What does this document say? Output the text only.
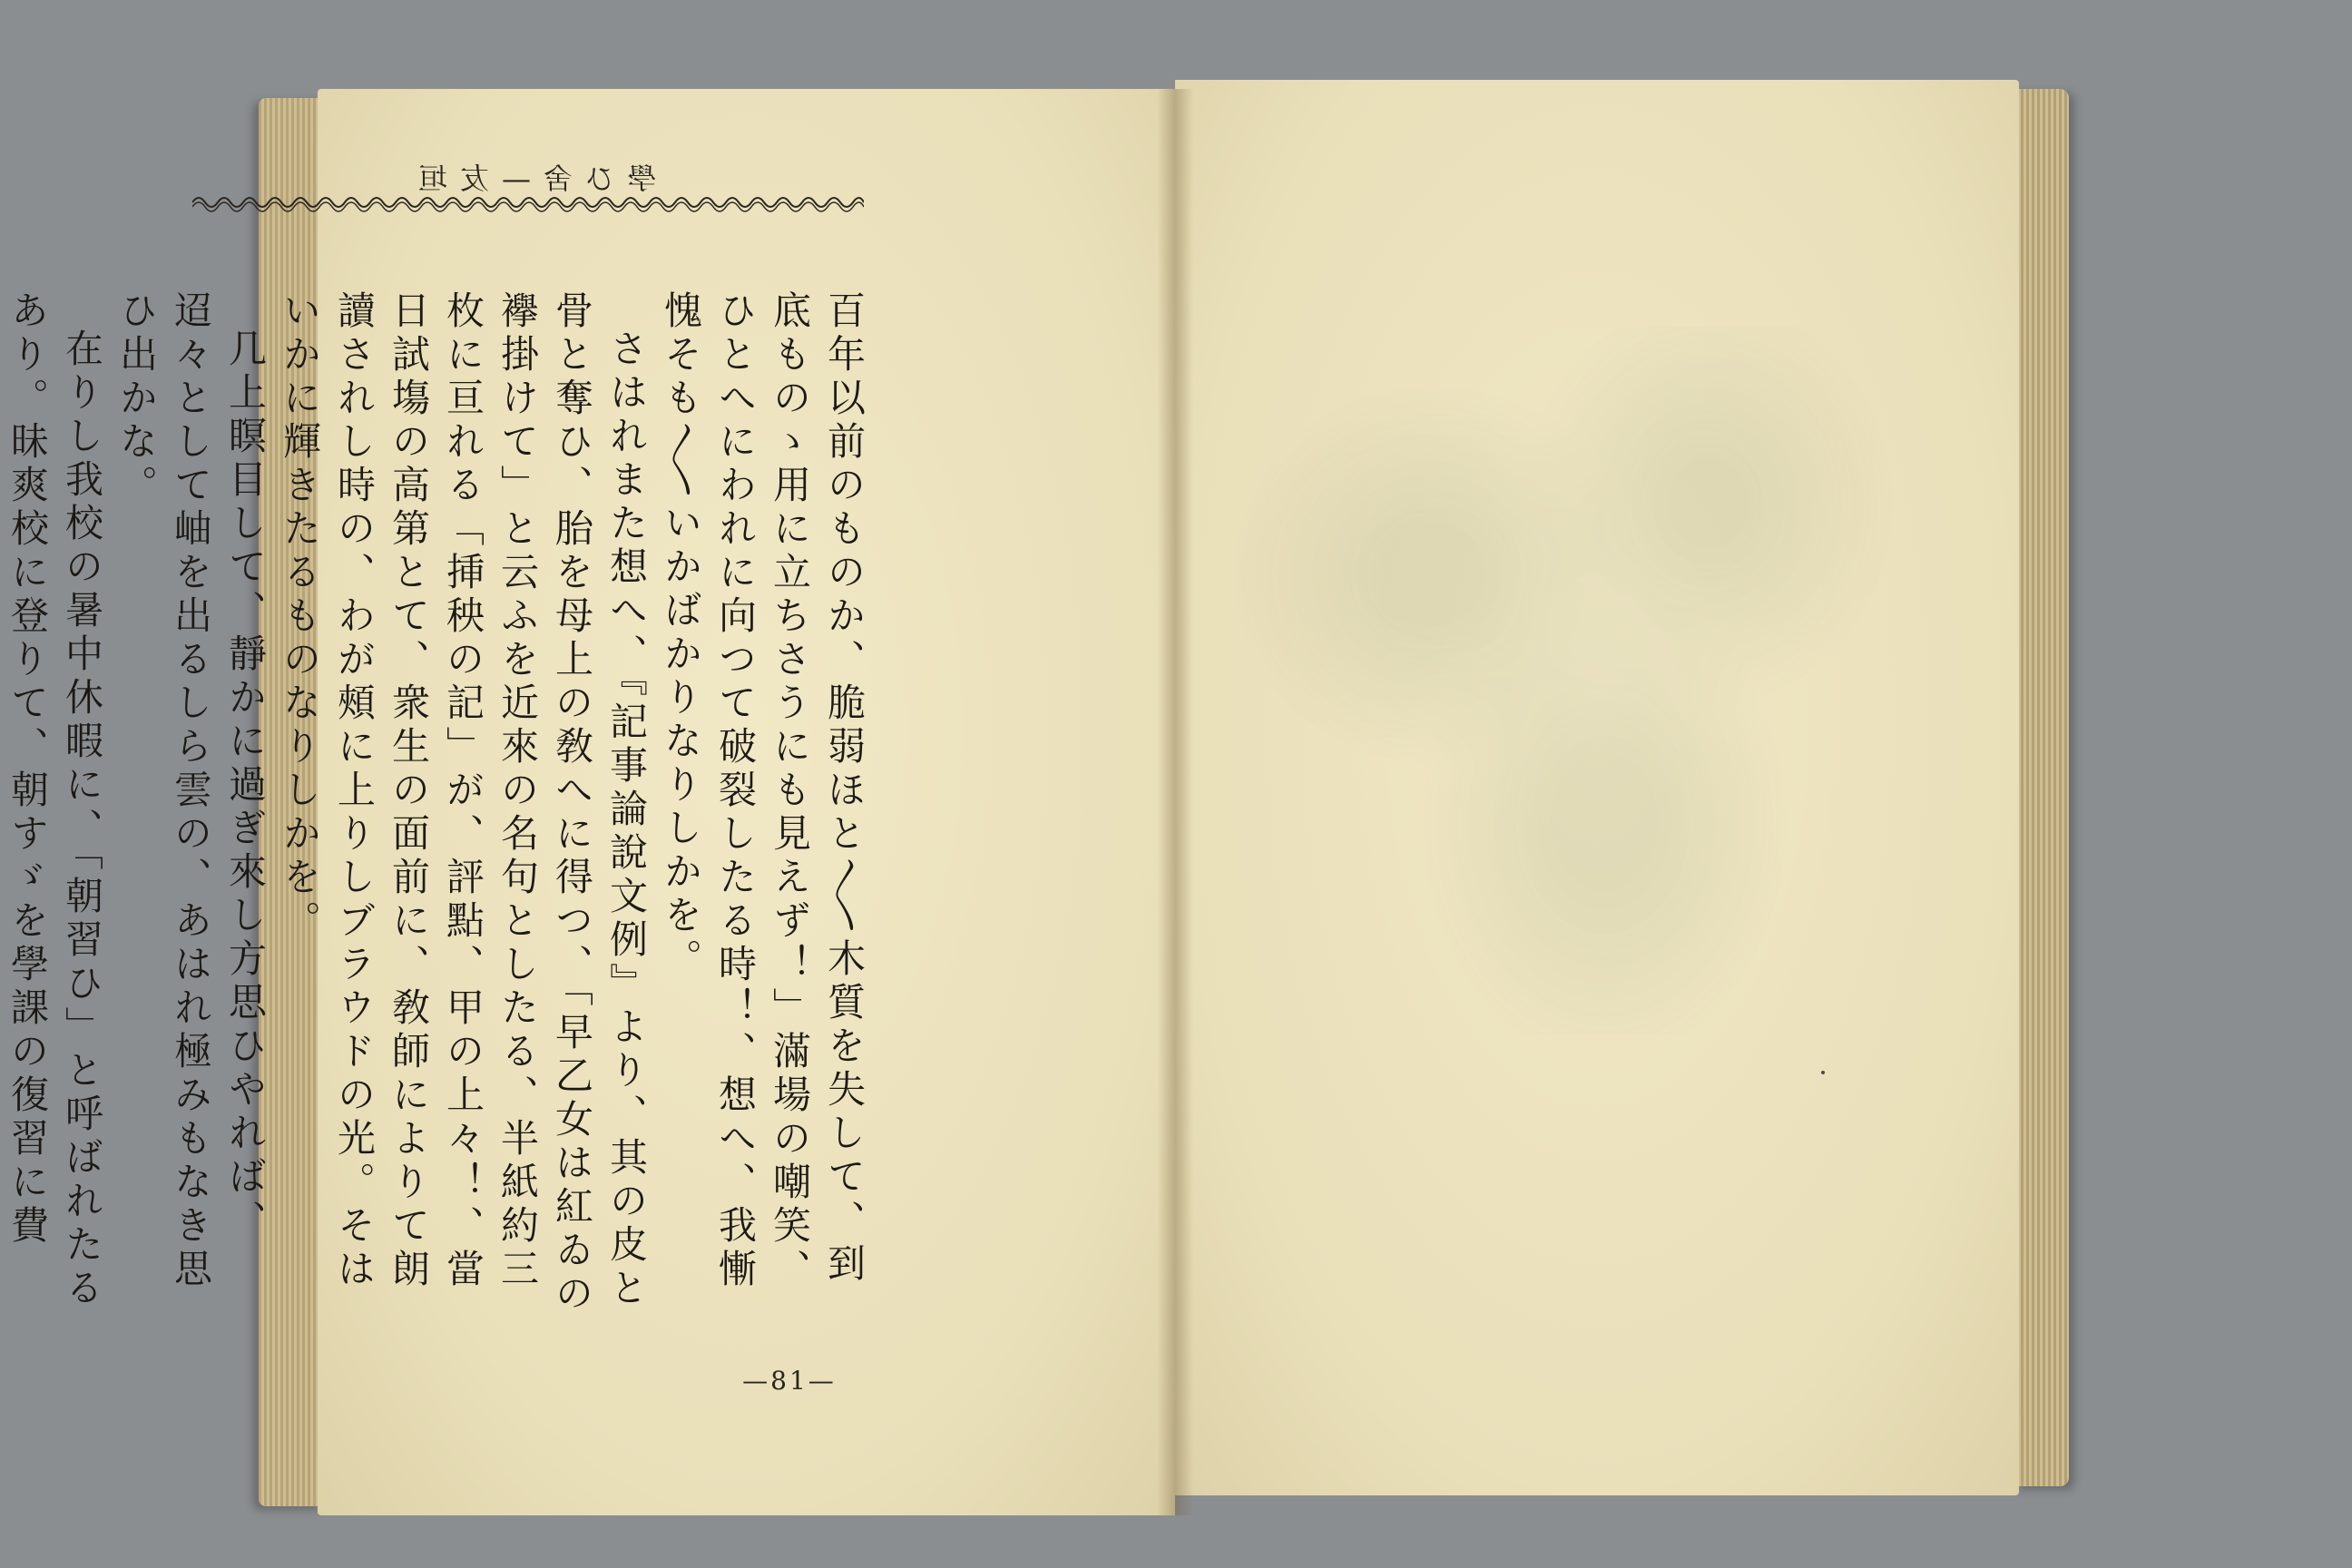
學ひ舍—友垣

百年以前のものか、脆弱ほと〳〵木質を失して、到底ものゝ用に立ちさうにも見えず！」滿場の嘲笑、ひとへにわれに向つて破裂したる時！、想へ、我慚愧そも〳〵いかばかりなりしかを。

さはれまた想へ、『記事論說文例』より、其の皮と骨と奪ひ、胎を母上の敎へに得つ、「早乙女は紅ゐの襷掛けて」と云ふを近來の名句としたる、半紙約三枚に亘れる「挿秧の記」が、評點、甲の上々！、當日試塲の高第とて、衆生の面前に、敎師によりて朗讀されし時の、わが頰に上りしブラウドの光。そはいかに輝きたるものなりしかを。

几上瞑目して、靜かに過ぎ來し方思ひやれば、迢々として岫を出るしら雲の、あはれ極みもなき思ひ出かな。

在りし我校の暑中休暇に、「朝習ひ」と呼ばれたるあり。昧爽校に登りて、朝すゞを學課の復習に費

—81—
